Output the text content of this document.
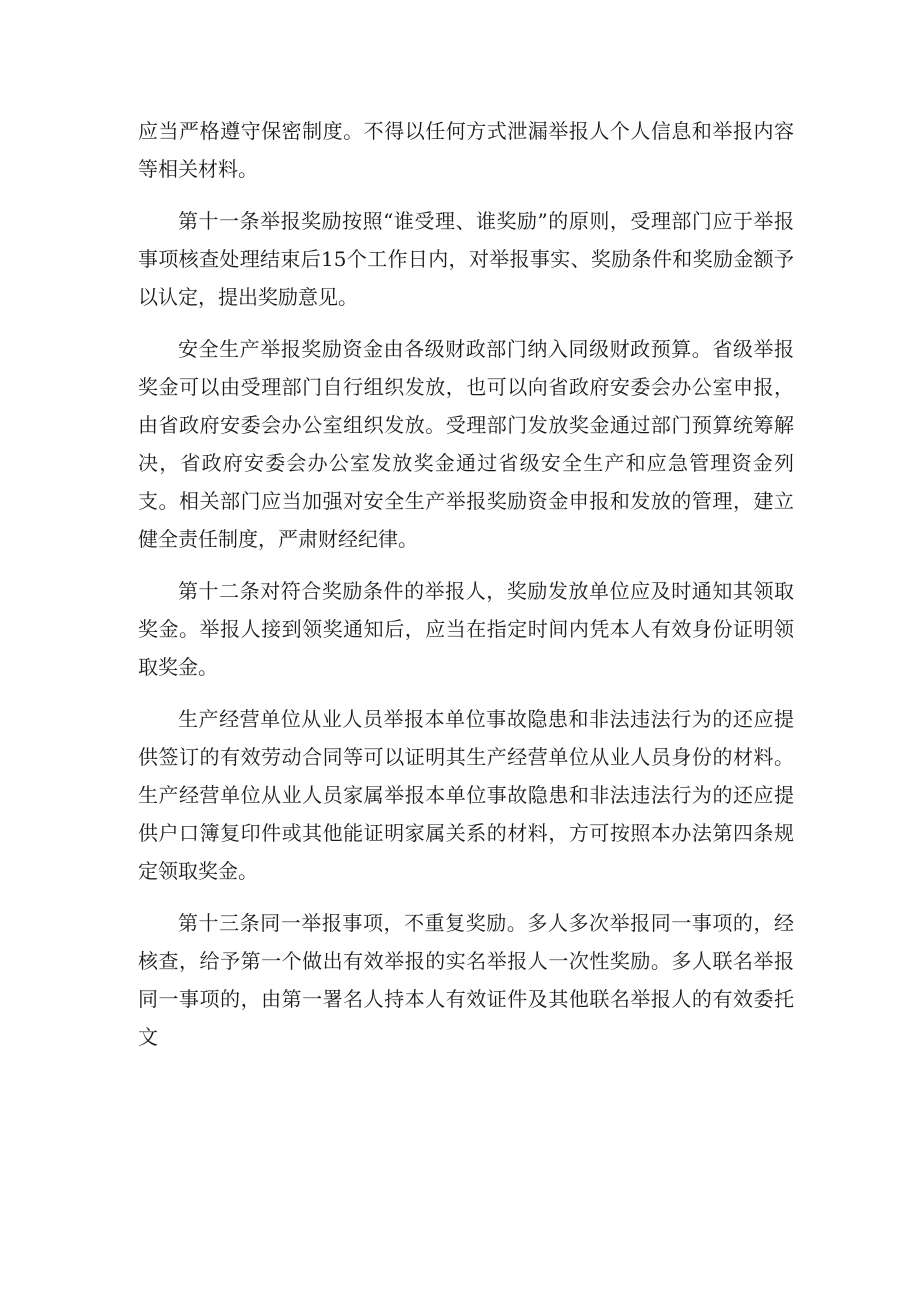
应当严格遵守保密制度。不得以任何方式泄漏举报人个人信息和举报内容等相关材料。

第十一条举报奖励按照“谁受理、谁奖励”的原则，受理部门应于举报事项核查处理结束后15个工作日内，对举报事实、奖励条件和奖励金额予以认定，提出奖励意见。

安全生产举报奖励资金由各级财政部门纳入同级财政预算。省级举报奖金可以由受理部门自行组织发放，也可以向省政府安委会办公室申报，由省政府安委会办公室组织发放。受理部门发放奖金通过部门预算统筹解决，省政府安委会办公室发放奖金通过省级安全生产和应急管理资金列支。相关部门应当加强对安全生产举报奖励资金申报和发放的管理，建立健全责任制度，严肃财经纪律。

第十二条对符合奖励条件的举报人，奖励发放单位应及时通知其领取奖金。举报人接到领奖通知后，应当在指定时间内凭本人有效身份证明领取奖金。

生产经营单位从业人员举报本单位事故隐患和非法违法行为的还应提供签订的有效劳动合同等可以证明其生产经营单位从业人员身份的材料。生产经营单位从业人员家属举报本单位事故隐患和非法违法行为的还应提供户口簿复印件或其他能证明家属关系的材料，方可按照本办法第四条规定领取奖金。

第十三条同一举报事项，不重复奖励。多人多次举报同一事项的，经核查，给予第一个做出有效举报的实名举报人一次性奖励。多人联名举报同一事项的，由第一署名人持本人有效证件及其他联名举报人的有效委托文
